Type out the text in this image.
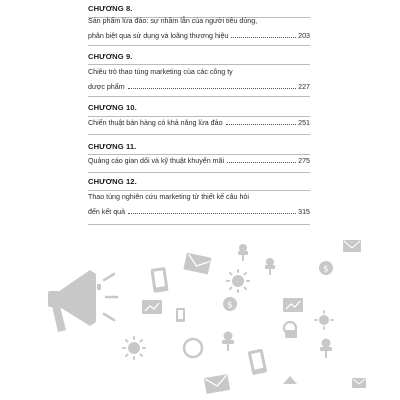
CHƯƠNG 8.
Sản phẩm lừa đảo: sự nhầm lẫn của người tiêu dùng,
phân biệt qua sử dụng và loãng thương hiệu	203
CHƯƠNG 9.
Chiêu trò thao túng marketing của các công ty
dược phẩm	227
CHƯƠNG 10.
Chiến thuật bán hàng có khả năng lừa đảo	251
CHƯƠNG 11.
Quảng cáo gian dối và kỹ thuật khuyến mãi	275
CHƯƠNG 12.
Thao túng nghiên cứu marketing từ thiết kế câu hỏi
đến kết quả	315
$
$
